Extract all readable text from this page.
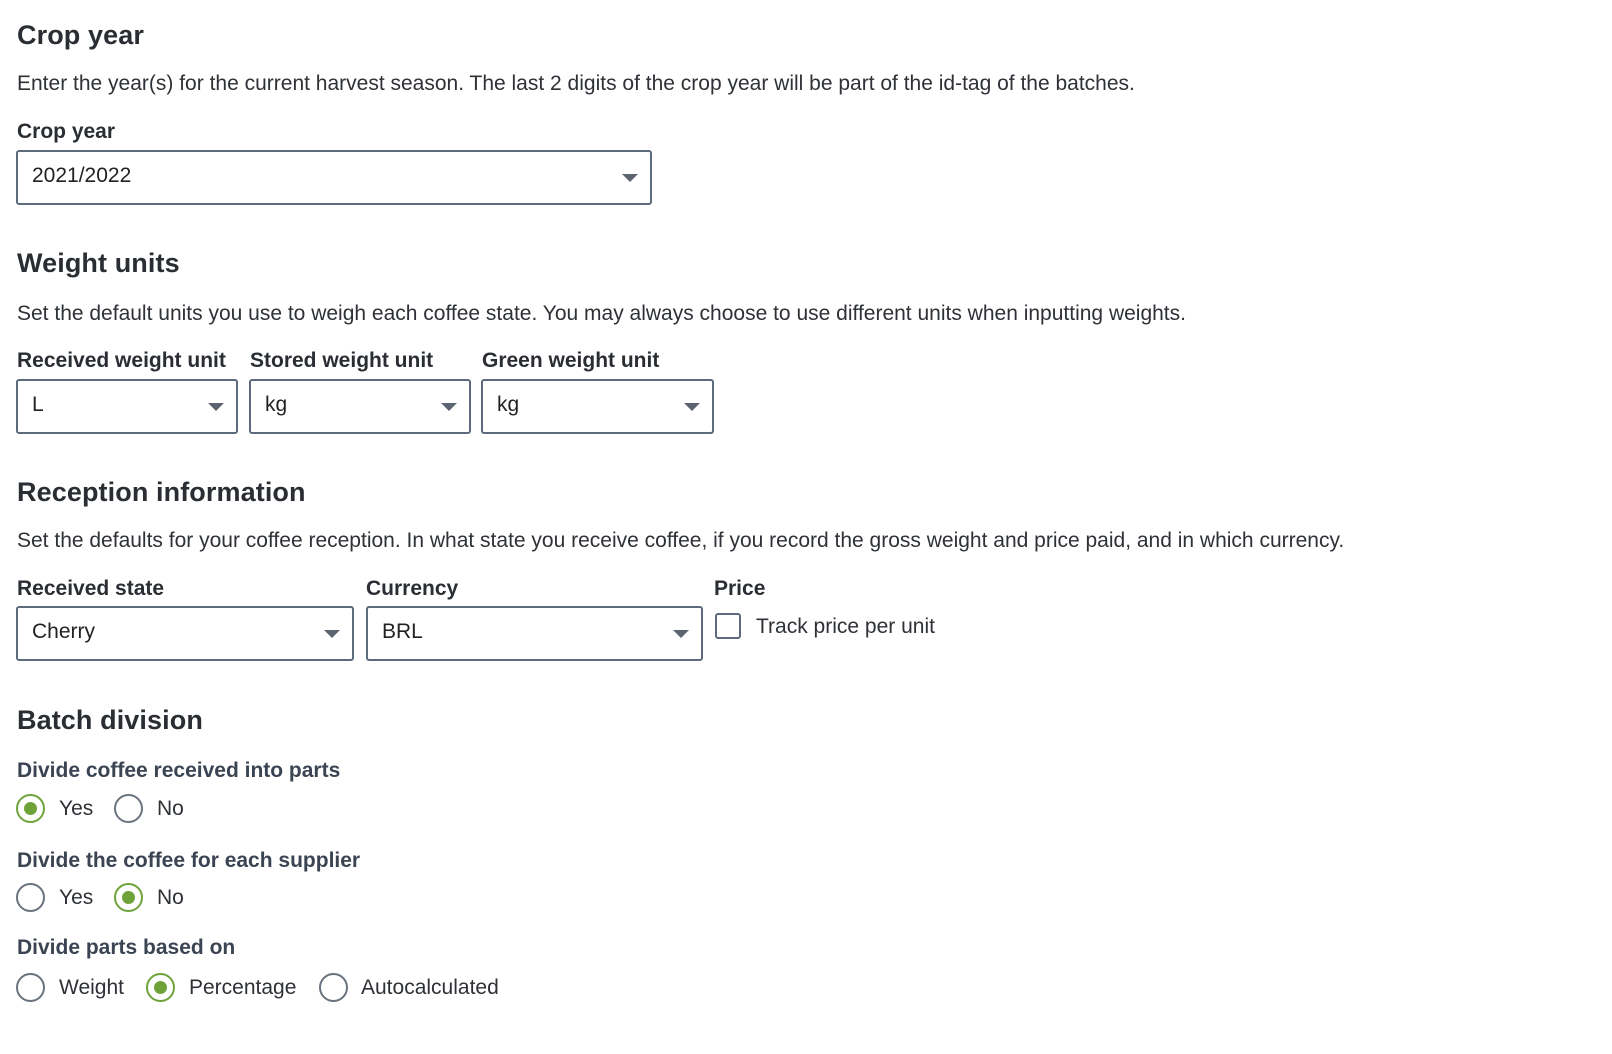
Crop year

Enter the year(s) for the current harvest season. The last 2 digits of the crop year will be part of the id-tag of the batches.

Crop year
2021/2022
Weight units

Set the default units you use to weigh each coffee state. You may always choose to use different units when inputting weights.

Received weight unit
L
Stored weight unit
kg
Green weight unit
kg
Reception information

Set the defaults for your coffee reception. In what state you receive coffee, if you record the gross weight and price paid, and in which currency.

Received state
Cherry
Currency
BRL
Price
Track price per unit
Batch division
Divide coffee received into parts
Yes	No
Divide the coffee for each supplier
Yes	No
Divide parts based on
Weight	Percentage	Autocalculated
